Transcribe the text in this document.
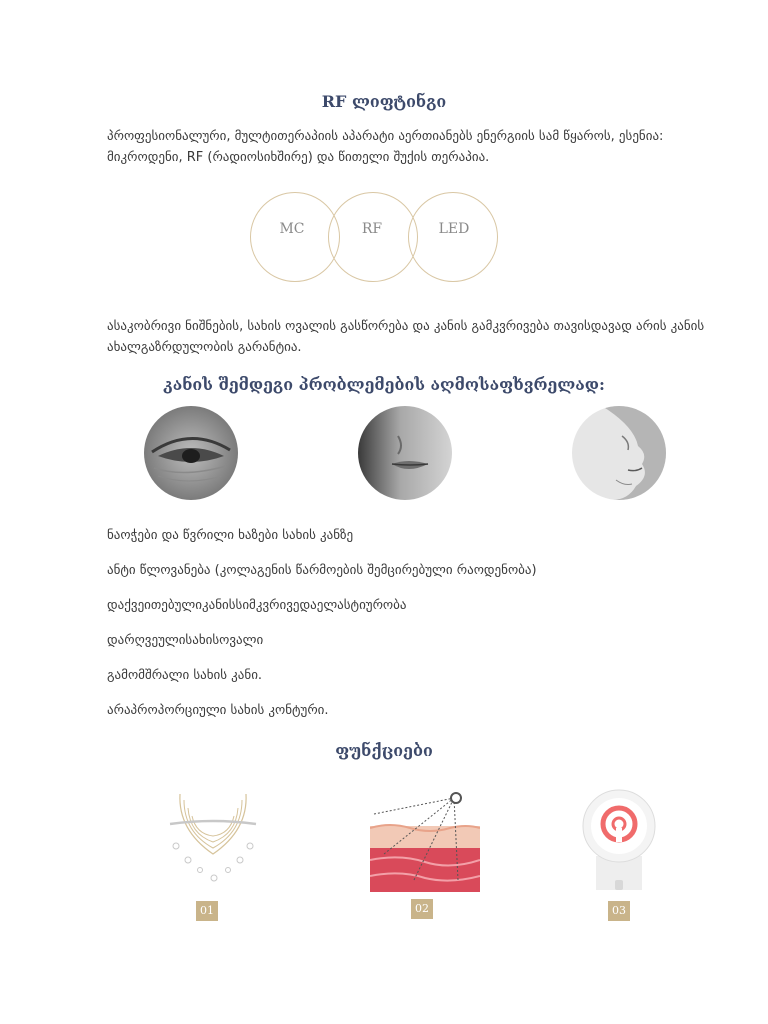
RF ლიფტინგი
პროფესიონალური, მულტითერაპიის აპარატი აერთიანებს ენერგიის სამ წყაროს, ესენია: მიკროდენი, RF (რადიოსიხშირე) და წითელი შუქის თერაპია.
MC	RF	LED
ასაკობრივი ნიშნების, სახის ოვალის გასწორება და კანის გამკვრივება თავისდავად არის კანის ახალგაზრდულობის გარანტია.
კანის შემდეგი პრობლემების აღმოსაფხვრელად:
ნაოჭები და წვრილი ხაზები სახის კანზე
ანტი წლოვანება (კოლაგენის წარმოების შემცირებული რაოდენობა)
დაქვეითებულიკანისსიმკვრივედაელასტიურობა
დარღვეულისახისოვალი
გამომშრალი სახის კანი.
არაპროპორციული სახის კონტური.
ფუნქციები
01	02	03
